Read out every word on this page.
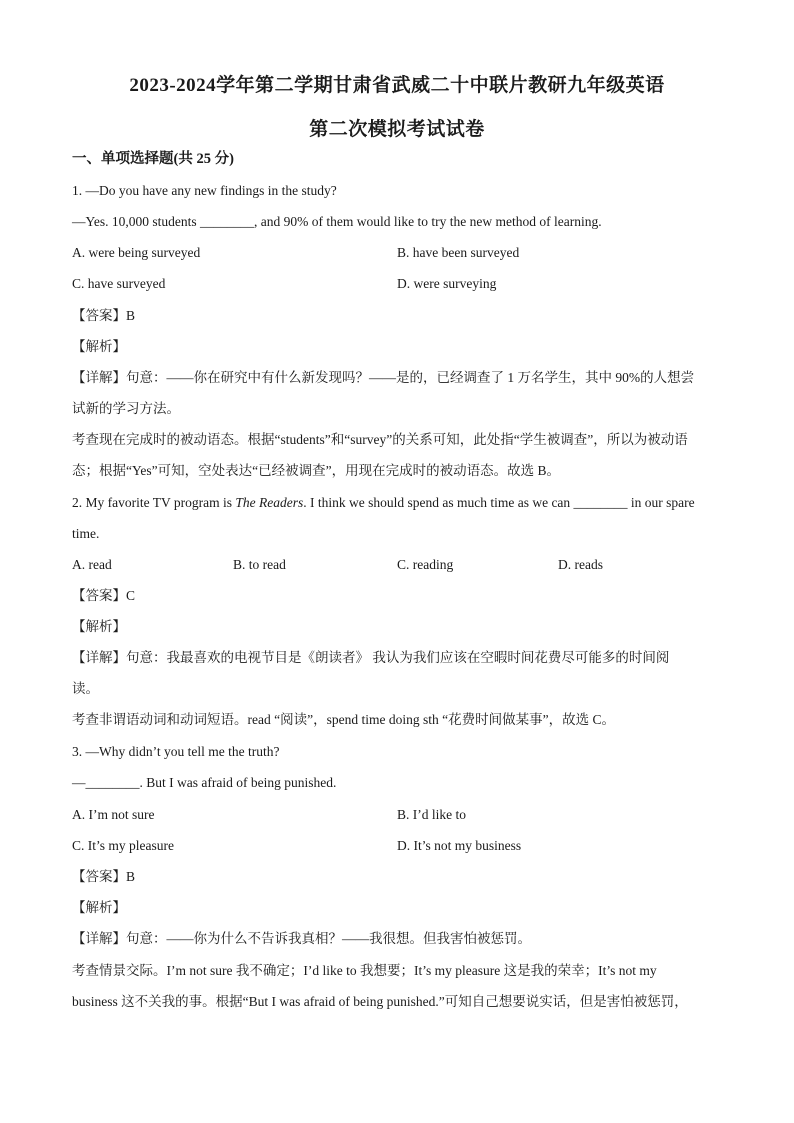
2023-2024学年第二学期甘肃省武威二十中联片教研九年级英语
第二次模拟考试试卷
一、单项选择题(共 25 分)
1. —Do you have any new findings in the study?
—Yes. 10,000 students ________, and 90% of them would like to try the new method of learning.
A. were being surveyed	B. have been surveyed
C. have surveyed	D. were surveying
【答案】B
【解析】
【详解】句意：——你在研究中有什么新发现吗？——是的，已经调查了 1 万名学生，其中 90%的人想尝
试新的学习方法。
考查现在完成时的被动语态。根据“students”和“survey”的关系可知，此处指“学生被调查”，所以为被动语
态；根据“Yes”可知，空处表达“已经被调查”，用现在完成时的被动语态。故选 B。
2. My favorite TV program is The Readers. I think we should spend as much time as we can ________ in our spare
time.
A. read	B. to read	C. reading	D. reads
【答案】C
【解析】
【详解】句意：我最喜欢的电视节目是《朗读者》 我认为我们应该在空暇时间花费尽可能多的时间阅
读。
考查非谓语动词和动词短语。read “阅读”，spend time doing sth “花费时间做某事”，故选 C。
3. —Why didn’t you tell me the truth?
—________. But I was afraid of being punished.
A. I’m not sure	B. I’d like to
C. It’s my pleasure	D. It’s not my business
【答案】B
【解析】
【详解】句意：——你为什么不告诉我真相？——我很想。但我害怕被惩罚。
考查情景交际。I’m not sure 我不确定；I’d like to 我想要；It’s my pleasure 这是我的荣幸；It’s not my
business 这不关我的事。根据“But I was afraid of being punished.”可知自己想要说实话，但是害怕被惩罚，
